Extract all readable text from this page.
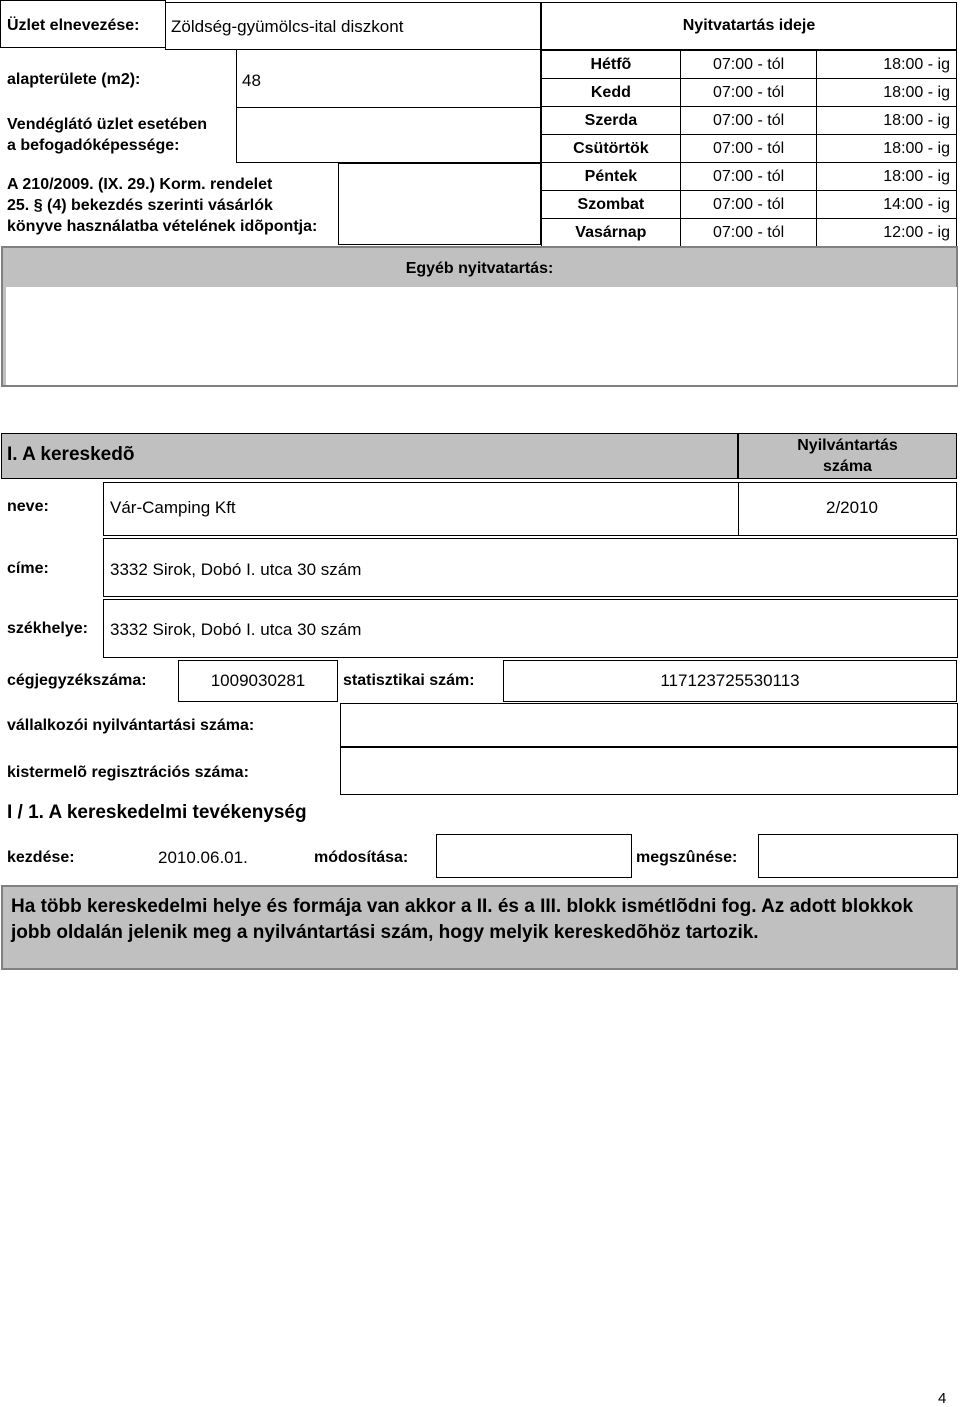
Üzlet elnevezése: Zöldség-gyümölcs-ital diszkont
alapterülete (m2):	48
Vendéglátó üzlet esetében
a befogadóképessége:
A 210/2009. (IX. 29.) Korm. rendelet
25. § (4) bekezdés szerinti vásárlók
könyve használatba vételének idõpontja:
Nyitvatartás ideje
Hétfõ	07:00 - tól	18:00 - ig
Kedd	07:00 - tól	18:00 - ig
Szerda	07:00 - tól	18:00 - ig
Csütörtök	07:00 - tól	18:00 - ig
Péntek	07:00 - tól	18:00 - ig
Szombat	07:00 - tól	14:00 - ig
Vasárnap	07:00 - tól	12:00 - ig
Egyéb nyitvatartás:
I. A kereskedõ	Nyilvántartás
száma
neve:	Vár-Camping Kft	2/2010
címe:	3332 Sirok, Dobó I. utca 30 szám
székhelye: 3332 Sirok, Dobó I. utca 30 szám
cégjegyzékszáma:	1009030281	statisztikai szám:	117123725530113
vállalkozói nyilvántartási száma:
kistermelõ regisztrációs száma:
I / 1. A kereskedelmi tevékenység
kezdése:	2010.06.01.	módosítása:	megszûnése:
Ha több kereskedelmi helye és formája van akkor a II. és a III. blokk ismétlõdni fog. Az adott blokkok jobb oldalán jelenik meg a nyilvántartási szám, hogy melyik kereskedõhöz tartozik.
4
